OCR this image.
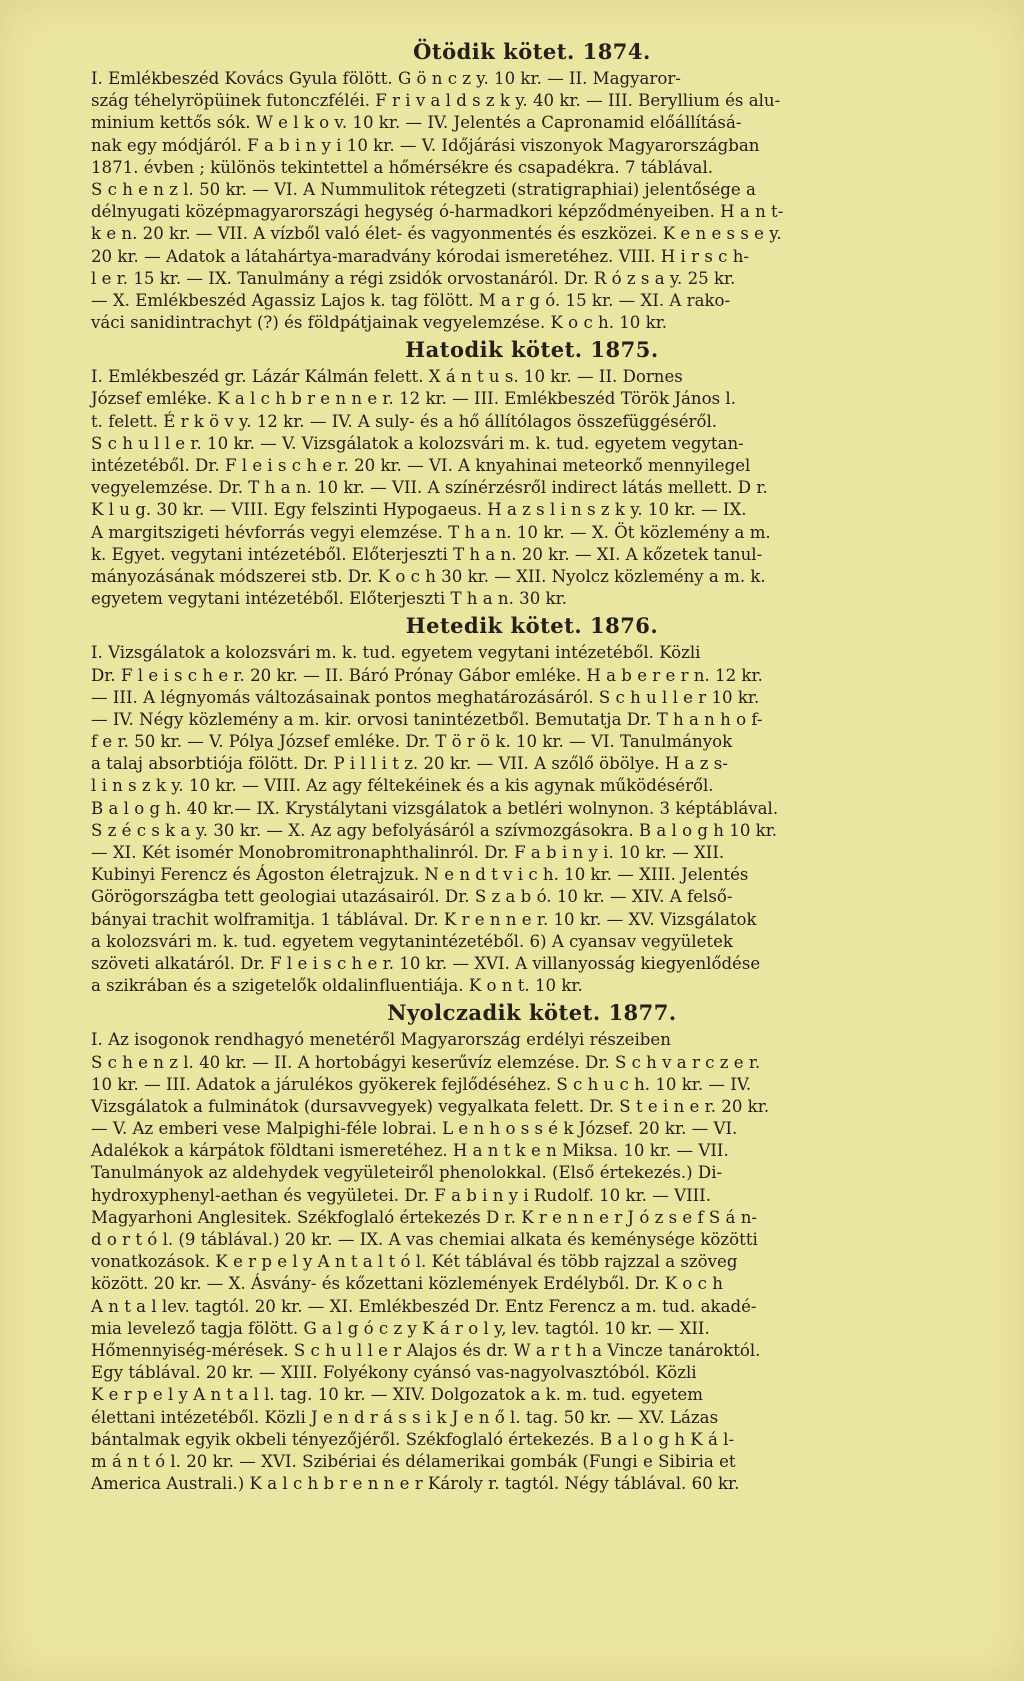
Ötödik kötet. 1874.
I. Emlékbeszéd Kovács Gyula fölött. G ö n c z y. 10 kr. — II. Magyaror-
szág téhelyröpüinek futonczféléi. F r i v a l d s z k y. 40 kr. — III. Beryllium és alu-
minium kettős sók. W e l k o v. 10 kr. — IV. Jelentés a Capronamid előállításá-
nak egy módjáról. F a b i n y i 10 kr. — V. Időjárási viszonyok Magyarországban
1871. évben ; különös tekintettel a hőmérsékre és csapadékra. 7 táblával.
S c h e n z l. 50 kr. — VI. A Nummulitok rétegzeti (stratigraphiai) jelentősége a
délnyugati középmagyarországi hegység ó-harmadkori képződményeiben. H a n t-
k e n. 20 kr. — VII. A vízből való élet- és vagyonmentés és eszközei. K e n e s s e y.
20 kr. — Adatok a látahártya-maradvány kórodai ismeretéhez. VIII. H i r s c h-
l e r. 15 kr. — IX. Tanulmány a régi zsidók orvostanáról. Dr. R ó z s a y. 25 kr.
— X. Emlékbeszéd Agassiz Lajos k. tag fölött. M a r g ó. 15 kr. — XI. A rako-
váci sanidintrachyt (?) és földpátjainak vegyelemzése. K o c h. 10 kr.
Hatodik kötet. 1875.
I. Emlékbeszéd gr. Lázár Kálmán felett. X á n t u s. 10 kr. — II. Dornes
József emléke. K a l c h b r e n n e r. 12 kr. — III. Emlékbeszéd Török János l.
t. felett. É r k ö v y. 12 kr. — IV. A suly- és a hő állítólagos összefüggéséről.
S c h u l l e r. 10 kr. — V. Vizsgálatok a kolozsvári m. k. tud. egyetem vegytan-
intézetéből. Dr. F l e i s c h e r. 20 kr. — VI. A knyahinai meteorkő mennyilegel
vegyelemzése. Dr. T h a n. 10 kr. — VII. A színérzésről indirect látás mellett. D r.
K l u g. 30 kr. — VIII. Egy felszinti Hypogaeus. H a z s l i n s z k y. 10 kr. — IX.
A margitszigeti hévforrás vegyi elemzése. T h a n. 10 kr. — X. Öt közlemény a m.
k. Egyet. vegytani intézetéből. Előterjeszti T h a n. 20 kr. — XI. A kőzetek tanul-
mányozásának módszerei stb. Dr. K o c h 30 kr. — XII. Nyolcz közlemény a m. k.
egyetem vegytani intézetéből. Előterjeszti T h a n. 30 kr.
Hetedik kötet. 1876.
I. Vizsgálatok a kolozsvári m. k. tud. egyetem vegytani intézetéből. Közli
Dr. F l e i s c h e r. 20 kr. — II. Báró Prónay Gábor emléke. H a b e r e r n. 12 kr.
— III. A légnyomás változásainak pontos meghatározásáról. S c h u l l e r 10 kr.
— IV. Négy közlemény a m. kir. orvosi tanintézetből. Bemutatja Dr. T h a n h o f-
f e r. 50 kr. — V. Pólya József emléke. Dr. T ö r ö k. 10 kr. — VI. Tanulmányok
a talaj absorbtiója fölött. Dr. P i l l i t z. 20 kr. — VII. A szőlő öbölye. H a z s-
l i n s z k y. 10 kr. — VIII. Az agy féltekéinek és a kis agynak működéséről.
B a l o g h. 40 kr.— IX. Krystálytani vizsgálatok a betléri wolnynon. 3 képtáblával.
S z é c s k a y. 30 kr. — X. Az agy befolyásáról a szívmozgásokra. B a l o g h 10 kr.
— XI. Két isomér Monobromitronaphthalinról. Dr. F a b i n y i. 10 kr. — XII.
Kubinyi Ferencz és Ágoston életrajzuk. N e n d t v i c h. 10 kr. — XIII. Jelentés
Görögországba tett geologiai utazásairól. Dr. S z a b ó. 10 kr. — XIV. A felső-
bányai trachit wolframitja. 1 táblával. Dr. K r e n n e r. 10 kr. — XV. Vizsgálatok
a kolozsvári m. k. tud. egyetem vegytanintézetéből. 6) A cyansav vegyületek
szöveti alkatáról. Dr. F l e i s c h e r. 10 kr. — XVI. A villanyosság kiegyenlődése
a szikrában és a szigetelők oldalinfluentiája. K o n t. 10 kr.
Nyolczadik kötet. 1877.
I. Az isogonok rendhagyó menetéről Magyarország erdélyi részeiben
S c h e n z l. 40 kr. — II. A hortobágyi keserűvíz elemzése. Dr. S c h v a r c z e r.
10 kr. — III. Adatok a járulékos gyökerek fejlődéséhez. S c h u c h. 10 kr. — IV.
Vizsgálatok a fulminátok (dursavvegyek) vegyalkata felett. Dr. S t e i n e r. 20 kr.
— V. Az emberi vese Malpighi-féle lobrai. L e n h o s s é k József. 20 kr. — VI.
Adalékok a kárpátok földtani ismeretéhez. H a n t k e n Miksa. 10 kr. — VII.
Tanulmányok az aldehydek vegyületeiről phenolokkal. (Első értekezés.) Di-
hydroxyphenyl-aethan és vegyületei. Dr. F a b i n y i Rudolf. 10 kr. — VIII.
Magyarhoni Anglesitek. Székfoglaló értekezés D r. K r e n n e r J ó z s e f S á n-
d o r t ó l. (9 táblával.) 20 kr. — IX. A vas chemiai alkata és keménysége közötti
vonatkozások. K e r p e l y A n t a l t ó l. Két táblával és több rajzzal a szöveg
között. 20 kr. — X. Ásvány- és kőzettani közlemények Erdélyből. Dr. K o c h
A n t a l lev. tagtól. 20 kr. — XI. Emlékbeszéd Dr. Entz Ferencz a m. tud. akadé-
mia levelező tagja fölött. G a l g ó c z y K á r o l y, lev. tagtól. 10 kr. — XII.
Hőmennyiség-mérések. S c h u l l e r Alajos és dr. W a r t h a Vincze tanároktól.
Egy táblával. 20 kr. — XIII. Folyékony cyánsó vas-nagyolvasztóból. Közli
K e r p e l y A n t a l l. tag. 10 kr. — XIV. Dolgozatok a k. m. tud. egyetem
élettani intézetéből. Közli J e n d r á s s i k J e n ő l. tag. 50 kr. — XV. Lázas
bántalmak egyik okbeli tényezőjéről. Székfoglaló értekezés. B a l o g h K á l-
m á n t ó l. 20 kr. — XVI. Szibériai és délamerikai gombák (Fungi e Sibiria et
America Australi.) K a l c h b r e n n e r Károly r. tagtól. Négy táblával. 60 kr.
